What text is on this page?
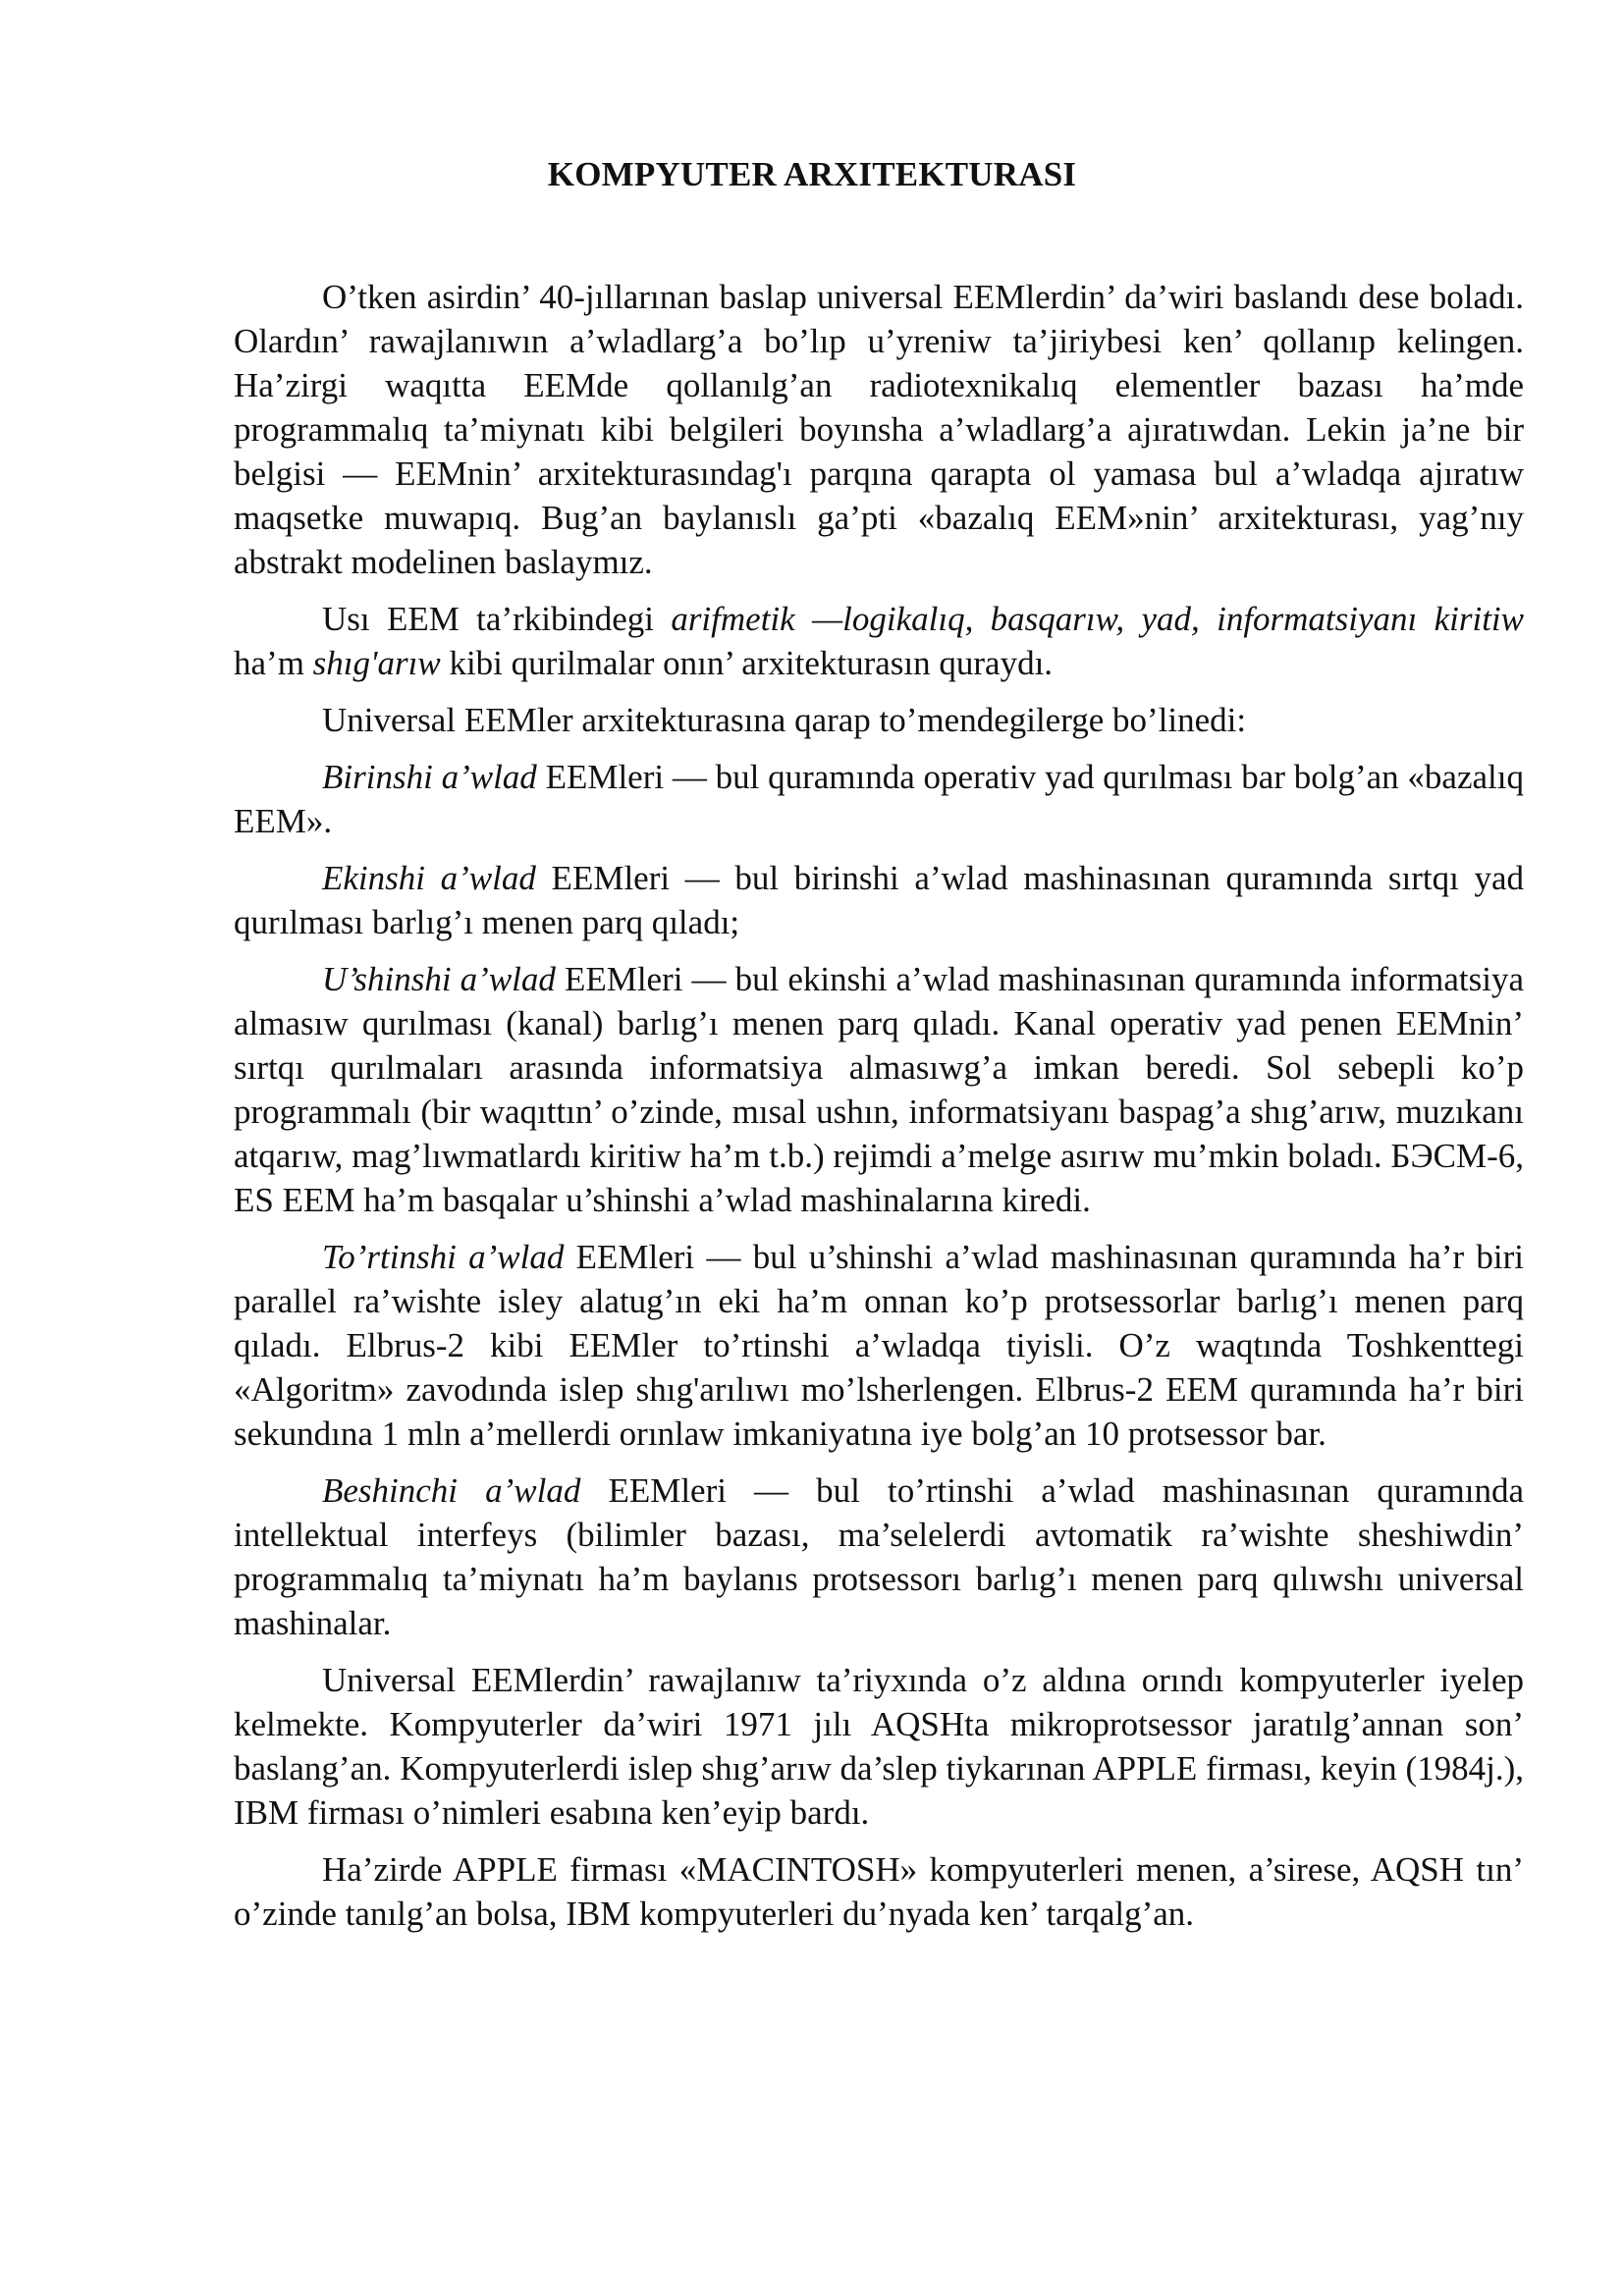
KOMPYUTER ARXITEKTURASI

O’tken asirdin’ 40-jıllarınan baslap universal EEMlerdin’ da’wiri baslandı dese boladı. Olardın’ rawajlanıwın a’wladlarg’a bo’lıp u’yreniw ta’jiriybesi ken’ qollanıp kelingen. Ha’zirgi waqıtta EEMde qollanılg’an radiotexnikalıq elementler bazası ha’mde programmalıq ta’miynatı kibi belgileri boyınsha a’wladlarg’a ajıratıwdan. Lekin ja’ne bir belgisi — EEMnin’ arxitekturasındag'ı parqına qarapta ol yamasa bul a’wladqa ajıratıw maqsetke muwapıq. Bug’an baylanıslı ga’pti «bazalıq EEM»nin’ arxitekturası, yag’nıy abstrakt modelinen baslaymız.

Usı EEM ta’rkibindegi arifmetik —logikalıq, basqarıw, yad, informatsiyanı kiritiw ha’m shıg'arıw kibi qurilmalar onın’ arxitekturasın quraydı.

Universal EEMler arxitekturasına qarap to’mendegilerge bo’linedi:

Birinshi a’wlad EEMleri — bul quramında operativ yad qurılması bar bolg’an «bazalıq EEM».

Ekinshi a’wlad EEMleri — bul birinshi a’wlad mashinasınan quramında sırtqı yad qurılması barlıg’ı menen parq qıladı;

U’shinshi a’wlad EEMleri — bul ekinshi a’wlad mashinasınan quramında informatsiya almasıw qurılması (kanal) barlıg’ı menen parq qıladı. Kanal operativ yad penen EEMnin’ sırtqı qurılmaları arasında informatsiya almasıwg’a imkan beredi. Sol sebepli ko’p programmalı (bir waqıttın’ o’zinde, mısal ushın, informatsiyanı baspag’a shıg’arıw, muzıkanı atqarıw, mag’lıwmatlardı kiritiw ha’m t.b.) rejimdi a’melge asırıw mu’mkin boladı. БЭСМ-6, ES EEM ha’m basqalar u’shinshi a’wlad mashinalarına kiredi.

To’rtinshi a’wlad EEMleri — bul u’shinshi a’wlad mashinasınan quramında ha’r biri parallel ra’wishte isley alatug’ın eki ha’m onnan ko’p protsessorlar barlıg’ı menen parq qıladı. Elbrus-2 kibi EEMler to’rtinshi a’wladqa tiyisli. O’z waqtında Toshkenttegi «Algoritm» zavodında islep shıg'arılıwı mo’lsherlengen. Elbrus-2 EEM quramında ha’r biri sekundına 1 mln a’mellerdi orınlaw imkaniyatına iye bolg’an 10 protsessor bar.

Beshinchi a’wlad EEMleri — bul to’rtinshi a’wlad mashinasınan quramında intellektual interfeys (bilimler bazası, ma’selelerdi avtomatik ra’wishte sheshiwdin’ programmalıq ta’miynatı ha’m baylanıs protsessorı barlıg’ı menen parq qılıwshı universal mashinalar.

Universal EEMlerdin’ rawajlanıw ta’riyxında o’z aldına orındı kompyuterler iyelep kelmekte. Kompyuterler da’wiri 1971 jılı AQSHta mikroprotsessor jaratılg’annan son’ baslang’an. Kompyuterlerdi islep shıg’arıw da’slep tiykarınan APPLE firması, keyin (1984j.), IBM firması o’nimleri esabına ken’eyip bardı.

Ha’zirde APPLE firması «MACINTOSH» kompyuterleri menen, a’sirese, AQSH tın’ o’zinde tanılg’an bolsa, IBM kompyuterleri du’nyada ken’ tarqalg’an.
